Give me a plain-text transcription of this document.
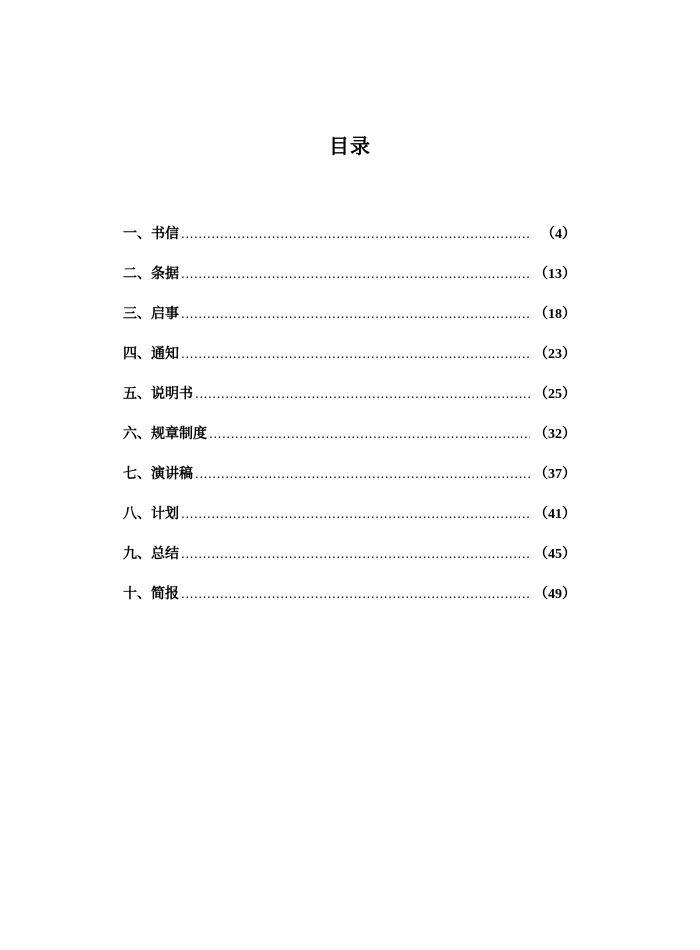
目录
一、书信 .....	（4）
二、条据 .....	（13）
三、启事 .....	（18）
四、通知 .....	（23）
五、说明书 .....	（25）
六、规章制度 .....	（32）
七、演讲稿 .....	（37）
八、计划 .....	（41）
九、总结 .....	（45）
十、简报 .....	（49）
